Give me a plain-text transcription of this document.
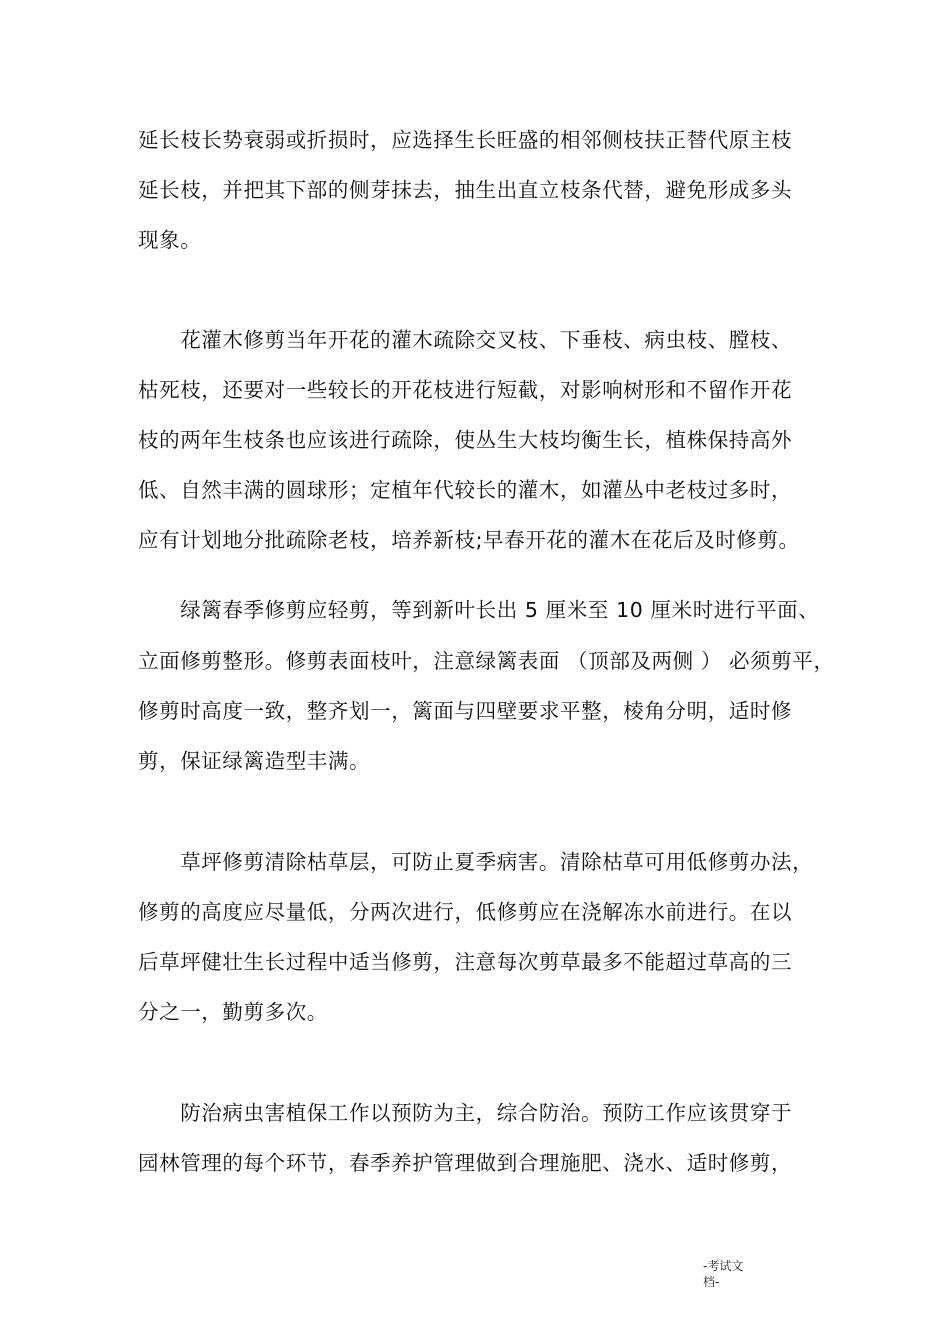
延长枝长势衰弱或折损时，应选择生长旺盛的相邻侧枝扶正替代原主枝
延长枝，并把其下部的侧芽抹去，抽生出直立枝条代替，避免形成多头
现象。
　　花灌木修剪当年开花的灌木疏除交叉枝、下垂枝、病虫枝、膛枝、
枯死枝，还要对一些较长的开花枝进行短截，对影响树形和不留作开花
枝的两年生枝条也应该进行疏除，使丛生大枝均衡生长，植株保持高外
低、自然丰满的圆球形；定植年代较长的灌木，如灌丛中老枝过多时，
应有计划地分批疏除老枝，培养新枝;早春开花的灌木在花后及时修剪。
　　绿篱春季修剪应轻剪，等到新叶长出 5 厘米至 10 厘米时进行平面、
立面修剪整形。修剪表面枝叶，注意绿篱表面 （顶部及两侧 ） 必须剪平，
修剪时高度一致，整齐划一，篱面与四壁要求平整，棱角分明，适时修
剪，保证绿篱造型丰满。
　　草坪修剪清除枯草层，可防止夏季病害。清除枯草可用低修剪办法，
修剪的高度应尽量低，分两次进行，低修剪应在浇解冻水前进行。在以
后草坪健壮生长过程中适当修剪，注意每次剪草最多不能超过草高的三
分之一，勤剪多次。
　　防治病虫害植保工作以预防为主，综合防治。预防工作应该贯穿于
园林管理的每个环节，春季养护管理做到合理施肥、浇水、适时修剪，
-考试文
档-
